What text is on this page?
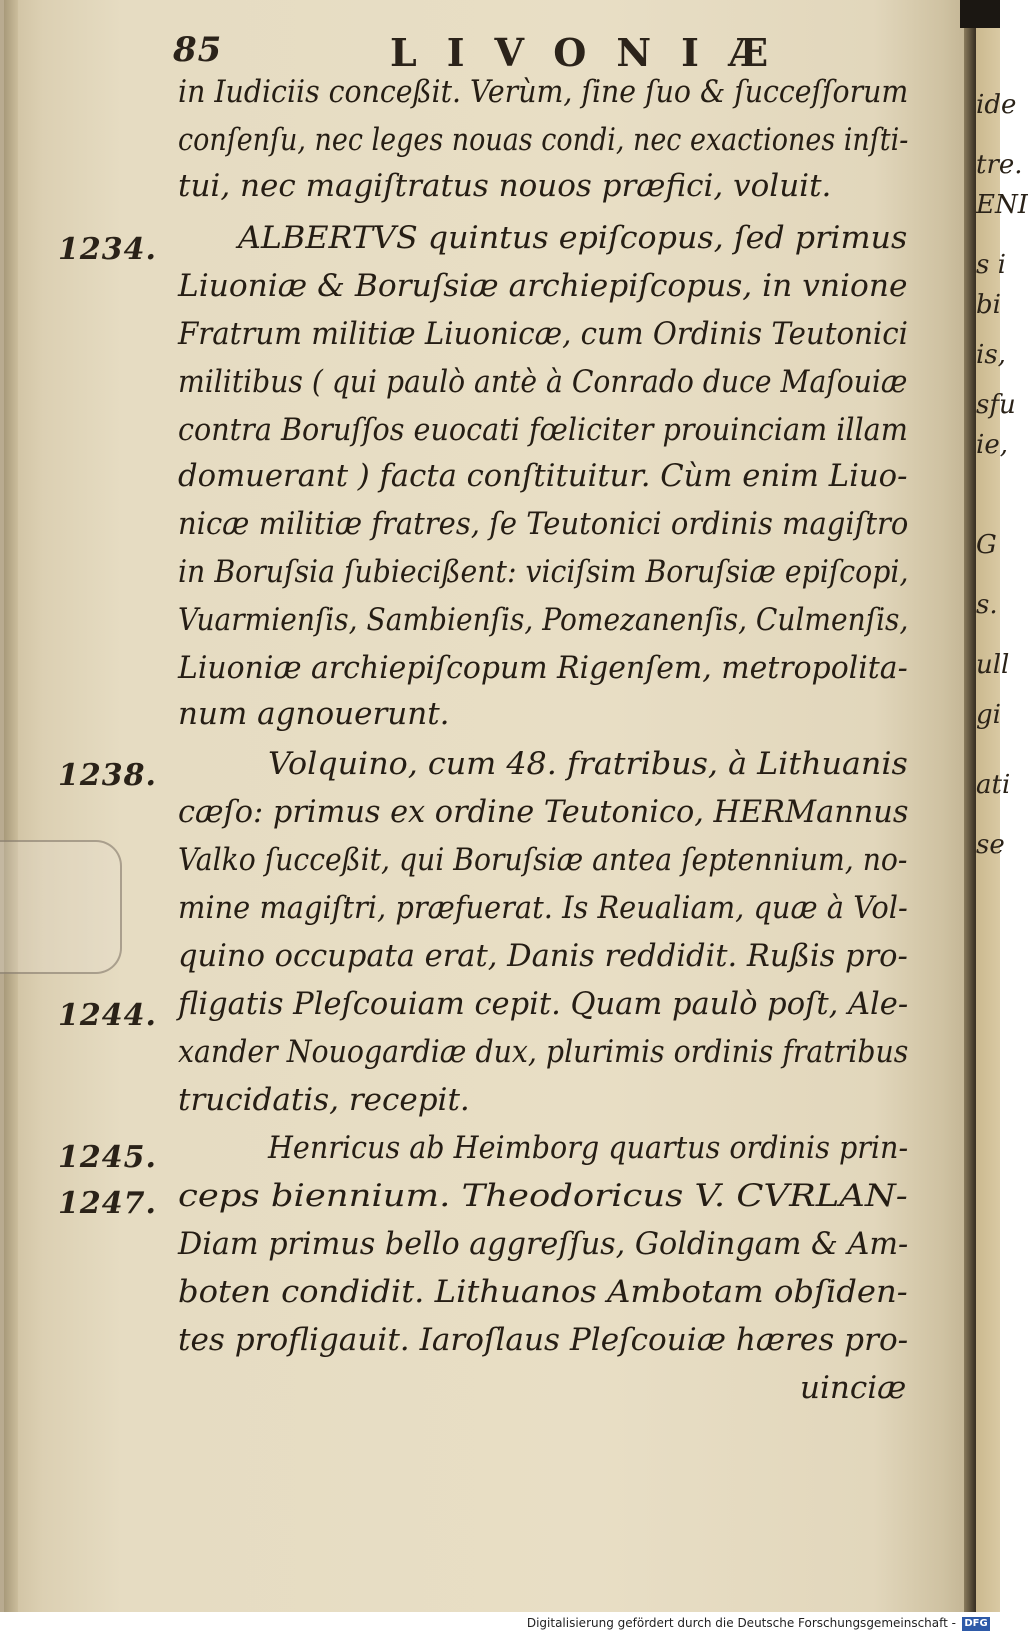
ide
tre.
ENI
s i
bi
is,
sfu
ie,
G
s.
ull
gi
ati
se
85	LIVONIÆ
in Iudiciis conceßit. Verùm, ſine ſuo & ſucceſſorum
conſenſu, nec leges nouas condi, nec exactiones inſti-
tui, nec magiſtratus nouos præfici, voluit.
ALBERTVS quintus epiſcopus, ſed primus
Liuoniæ & Boruſsiæ archiepiſcopus, in vnione
Fratrum militiæ Liuonicæ, cum Ordinis Teutonici
militibus ( qui paulò antè à Conrado duce Maſouiæ
contra Boruſſos euocati fœliciter prouinciam illam
domuerant ) facta conſtituitur. Cùm enim Liuo-
nicæ militiæ fratres, ſe Teutonici ordinis magiſtro
in Boruſsia ſubiecißent: viciſsim Boruſsiæ epiſcopi,
Vuarmienſis, Sambienſis, Pomezanenſis, Culmenſis,
Liuoniæ archiepiſcopum Rigenſem, metropolita-
num agnouerunt.
Volquino, cum 48. fratribus, à Lithuanis
cæſo: primus ex ordine Teutonico, HERMannus
Valko ſucceßit, qui Boruſsiæ antea ſeptennium, no-
mine magiſtri, præfuerat. Is Reualiam, quæ à Vol-
quino occupata erat, Danis reddidit. Rußis pro-
fligatis Pleſcouiam cepit. Quam paulò poſt, Ale-
xander Nouogardiæ dux, plurimis ordinis fratribus
trucidatis, recepit.
Henricus ab Heimborg quartus ordinis prin-
ceps biennium. Theodoricus V. CVRLAN-
Diam primus bello aggreſſus, Goldingam & Am-
boten condidit. Lithuanos Ambotam obſiden-
tes profligauit. Iaroſlaus Pleſcouiæ hæres pro-
uinciæ
1234.
1238.
1244.
1245.
1247.
Digitalisierung gefördert durch die Deutsche Forschungsgemeinschaft - DFG
